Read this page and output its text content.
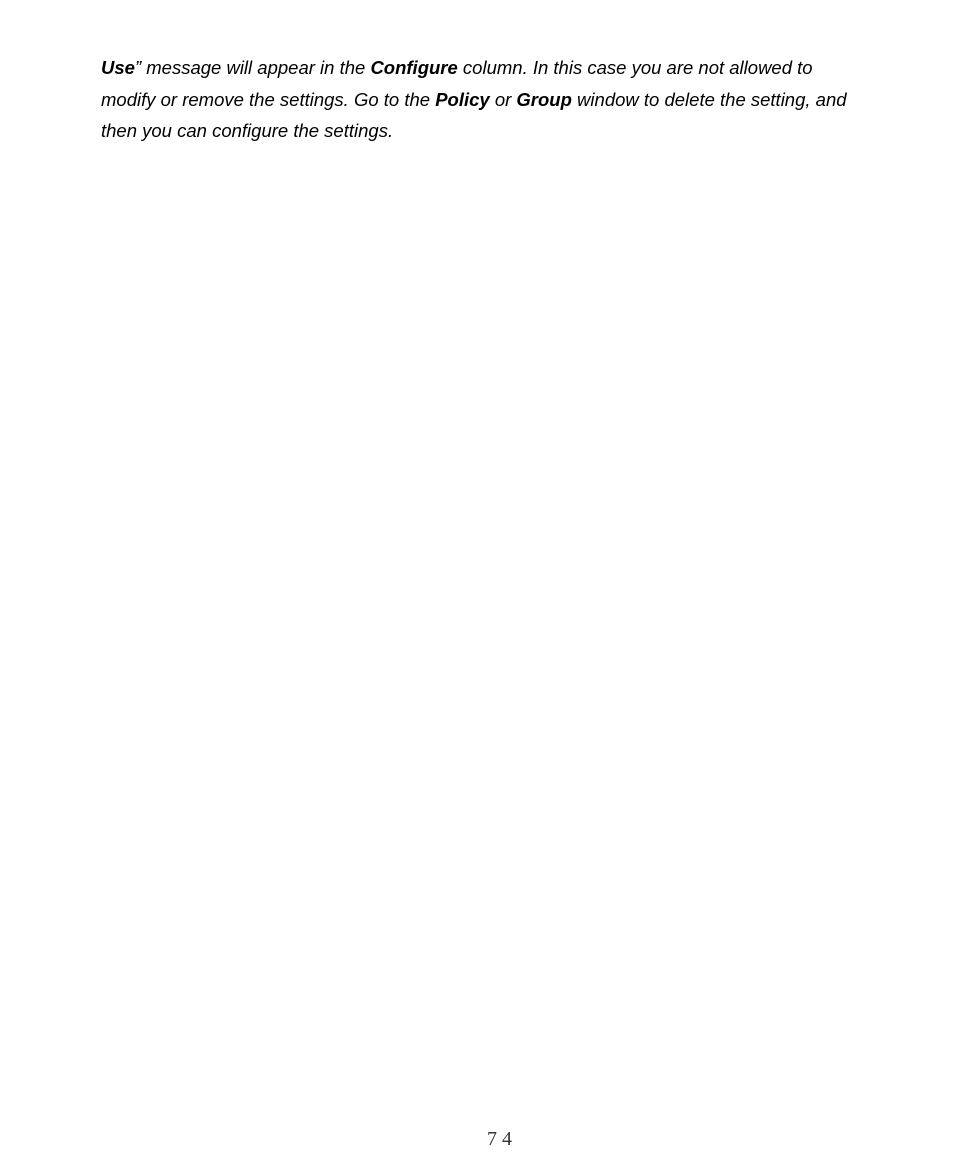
Use” message will appear in the Configure column. In this case you are not allowed to
modify or remove the settings. Go to the Policy or Group window to delete the setting, and
then you can configure the settings.

74
